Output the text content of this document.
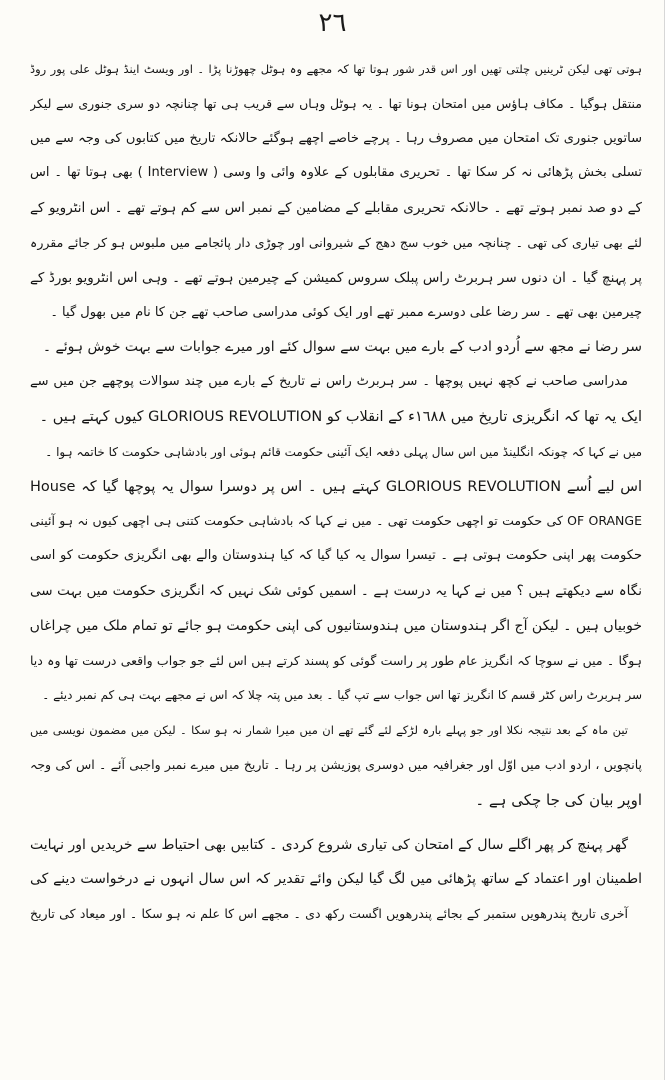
٢٦
ہوتی تھی لیکن ٹرینیں چلتی تھیں اور اس قدر شور ہوتا تھا کہ مجھے وہ ہوٹل چھوڑنا پڑا ۔ اور ویسٹ اینڈ ہوٹل علی پور روڈ
منتقل ہوگیا ۔ مکاف ہاؤس میں امتحان ہونا تھا ۔ یہ ہوٹل وہاں سے قریب ہی تھا چنانچہ دو سری جنوری سے لیکر
ساتویں جنوری تک امتحان میں مصروف رہا ۔ پرچے خاصے اچھے ہوگئے حالانکہ تاریخ میں کتابوں کی وجہ سے میں
تسلی بخش پڑھائی نہ کر سکا تھا ۔ تحریری مقابلوں کے علاوہ وائی وا وسی ( Interview ) بھی ہوتا تھا ۔ اس
کے دو صد نمبر ہوتے تھے ۔ حالانکہ تحریری مقابلے کے مضامین کے نمبر اس سے کم ہوتے تھے ۔ اس انٹرویو کے
لئے بھی تیاری کی تھی ۔ چنانچہ میں خوب سج دھج کے شیروانی اور چوڑی دار پائجامے میں ملبوس ہو کر جائے مقررہ
پر پہنچ گیا ۔ ان دنوں سر ہربرٹ راس پبلک سروس کمیشن کے چیرمین ہوتے تھے ۔ وہی اس انٹرویو بورڈ کے
چیرمین بھی تھے ۔ سر رضا علی دوسرے ممبر تھے اور ایک کوئی مدراسی صاحب تھے جن کا نام میں بھول گیا ۔
سر رضا نے مجھ سے اُردو ادب کے بارے میں بہت سے سوال کئے اور میرے جوابات سے بہت خوش ہوئے ۔
مدراسی صاحب نے کچھ نہیں پوچھا ۔ سر ہربرٹ راس نے تاریخ کے بارے میں چند سوالات پوچھے جن میں سے
ایک یہ تھا کہ انگریزی تاریخ میں ١٦٨٨ء کے انقلاب کو GLORIOUS REVOLUTION کیوں کہتے ہیں ۔
میں نے کہا کہ چونکہ انگلینڈ میں اس سال پہلی دفعہ ایک آئینی حکومت قائم ہوئی اور بادشاہی حکومت کا خاتمہ ہوا ۔
اس لیے اُسے GLORIOUS REVOLUTION کہتے ہیں ۔ اس پر دوسرا سوال یہ پوچھا گیا کہ House
OF ORANGE کی حکومت تو اچھی حکومت تھی ۔ میں نے کہا کہ بادشاہی حکومت کتنی ہی اچھی کیوں نہ ہو آئینی
حکومت پھر اپنی حکومت ہوتی ہے ۔ تیسرا سوال یہ کیا گیا کہ کیا ہندوستان والے بھی انگریزی حکومت کو اسی
نگاہ سے دیکھتے ہیں ؟ میں نے کہا یہ درست ہے ۔ اسمیں کوئی شک نہیں کہ انگریزی حکومت میں بہت سی
خوبیاں ہیں ۔ لیکن آج اگر ہندوستان میں ہندوستانیوں کی اپنی حکومت ہو جائے تو تمام ملک میں چراغاں
ہوگا ۔ میں نے سوچا کہ انگریز عام طور پر راست گوئی کو پسند کرتے ہیں اس لئے جو جواب واقعی درست تھا وہ دیا
سر ہربرٹ راس کٹر قسم کا انگریز تھا اس جواب سے تپ گیا ۔ بعد میں پتہ چلا کہ اس نے مجھے بہت ہی کم نمبر دیئے ۔
تین ماہ کے بعد نتیجہ نکلا اور جو پہلے بارہ لڑکے لئے گئے تھے ان میں میرا شمار نہ ہو سکا ۔ لیکن میں مضمون نویسی میں
پانچویں ، اردو ادب میں اوّل اور جغرافیہ میں دوسری پوزیشن پر رہا ۔ تاریخ میں میرے نمبر واجبی آئے ۔ اس کی وجہ
اوپر بیان کی جا چکی ہے ۔
گھر پہنچ کر پھر اگلے سال کے امتحان کی تیاری شروع کردی ۔ کتابیں بھی احتیاط سے خریدیں اور نہایت
اطمینان اور اعتماد کے ساتھ پڑھائی میں لگ گیا لیکن وائے تقدیر کہ اس سال انہوں نے درخواست دینے کی
آخری تاریخ پندرھویں ستمبر کے بجائے پندرھویں اگست رکھ دی ۔ مجھے اس کا علم نہ ہو سکا ۔ اور میعاد کی تاریخ
